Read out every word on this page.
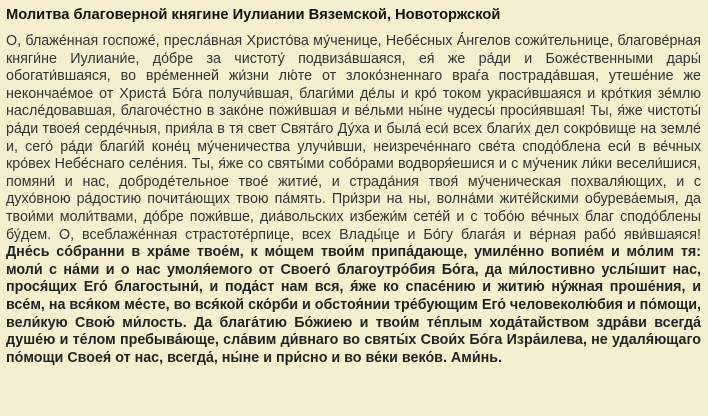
Молитва благоверной княгине Иулиании Вяземской, Новоторжской

О, блаже́нная госпоже́, пресла́вная Христо́ва му́ченице, Небе́сных А́нгелов сожи́тельнице, благове́рная княги́не Иулиани́е, до́бре за чистоту́ подвиза́вшаяся, ея́ же ра́ди и Боже́ственными дары́ обогати́вшаяся, во вре́менней жи́зни лю́те от злоко́зненнаго враѓа пострада́вшая, утеше́ние же некончае́мое от Христа́ Бо́га получи́вшая, благи́ми де́лы и кро́ током украси́вшаяся и кро́ткия зе́млю насле́довавшая, благоче́стно в зако́не пожи́вшая и ве́льми ны́не чудесы́ проси́явшая! Ты, я́же чистоты́ ра́ди твоея́ серде́чныя, прия́ла в тя свет Свята́го Ду́ха и была́ еси́ всех благи́х дел сокро́вище на земле́ и, сего́ ра́ди благи́й коне́ц му́ченичества улучи́вши, неизрече́ннаго све́та сподо́блена еси́ в ве́чных кро́вех Небе́снаго селе́ния. Ты, я́же со святы́ми собо́рами водворя́ешися и с му́ченик ли́ки весели́шися, помяни́ и нас, доброде́тельное твое́ житие́, и страда́ния твоя́ му́ченическая похваля́ющих, и с духо́вною ра́достию почита́ющих твою па́мять. При́зри на ны, волна́ми жите́йскими обурева́емыя, да твои́ми моли́твами, до́бре пожи́вше, диа́вольских избежи́м сете́й и с тобо́ю ве́чных благ сподо́блены бу́дем. О, всеблаже́нная страстоте́рпице, всех Влады́це и Бо́гу блага́я и ве́рная рабо́ яви́вшаяся! Дне́сь со́бранни в хра́ме твое́м, к мо́щем твои́м припа́дающе, умиле́нно вопие́м и мо́лим тя: моли́ с на́ми и о нас умоля́емого от Своего́ благоутро́бия Бо́га, да ми́лостивно услы́шит нас, прося́щих Его́ благостыни́, и пода́ст нам вся, я́же ко спасе́нию и житию́ ну́жная проше́ния, и все́м, на вся́ком ме́сте, во вся́кой ско́рби и обстоя́нии тре́бующим Его́ человеколю́бия и по́мощи, вели́кую Свою́ ми́лость. Да блага́тию Бо́жиею и твои́м те́плым хода́тайством здра́ви всегда́ душе́ю и те́лом пребыва́юще, сла́вим ди́внаго во святы́х Свои́х Бо́га Изра́илева, не удаля́ющаго по́мощи Своея́ от нас, всегда́, ны́не и при́сно и во ве́ки веко́в. Ами́нь.
